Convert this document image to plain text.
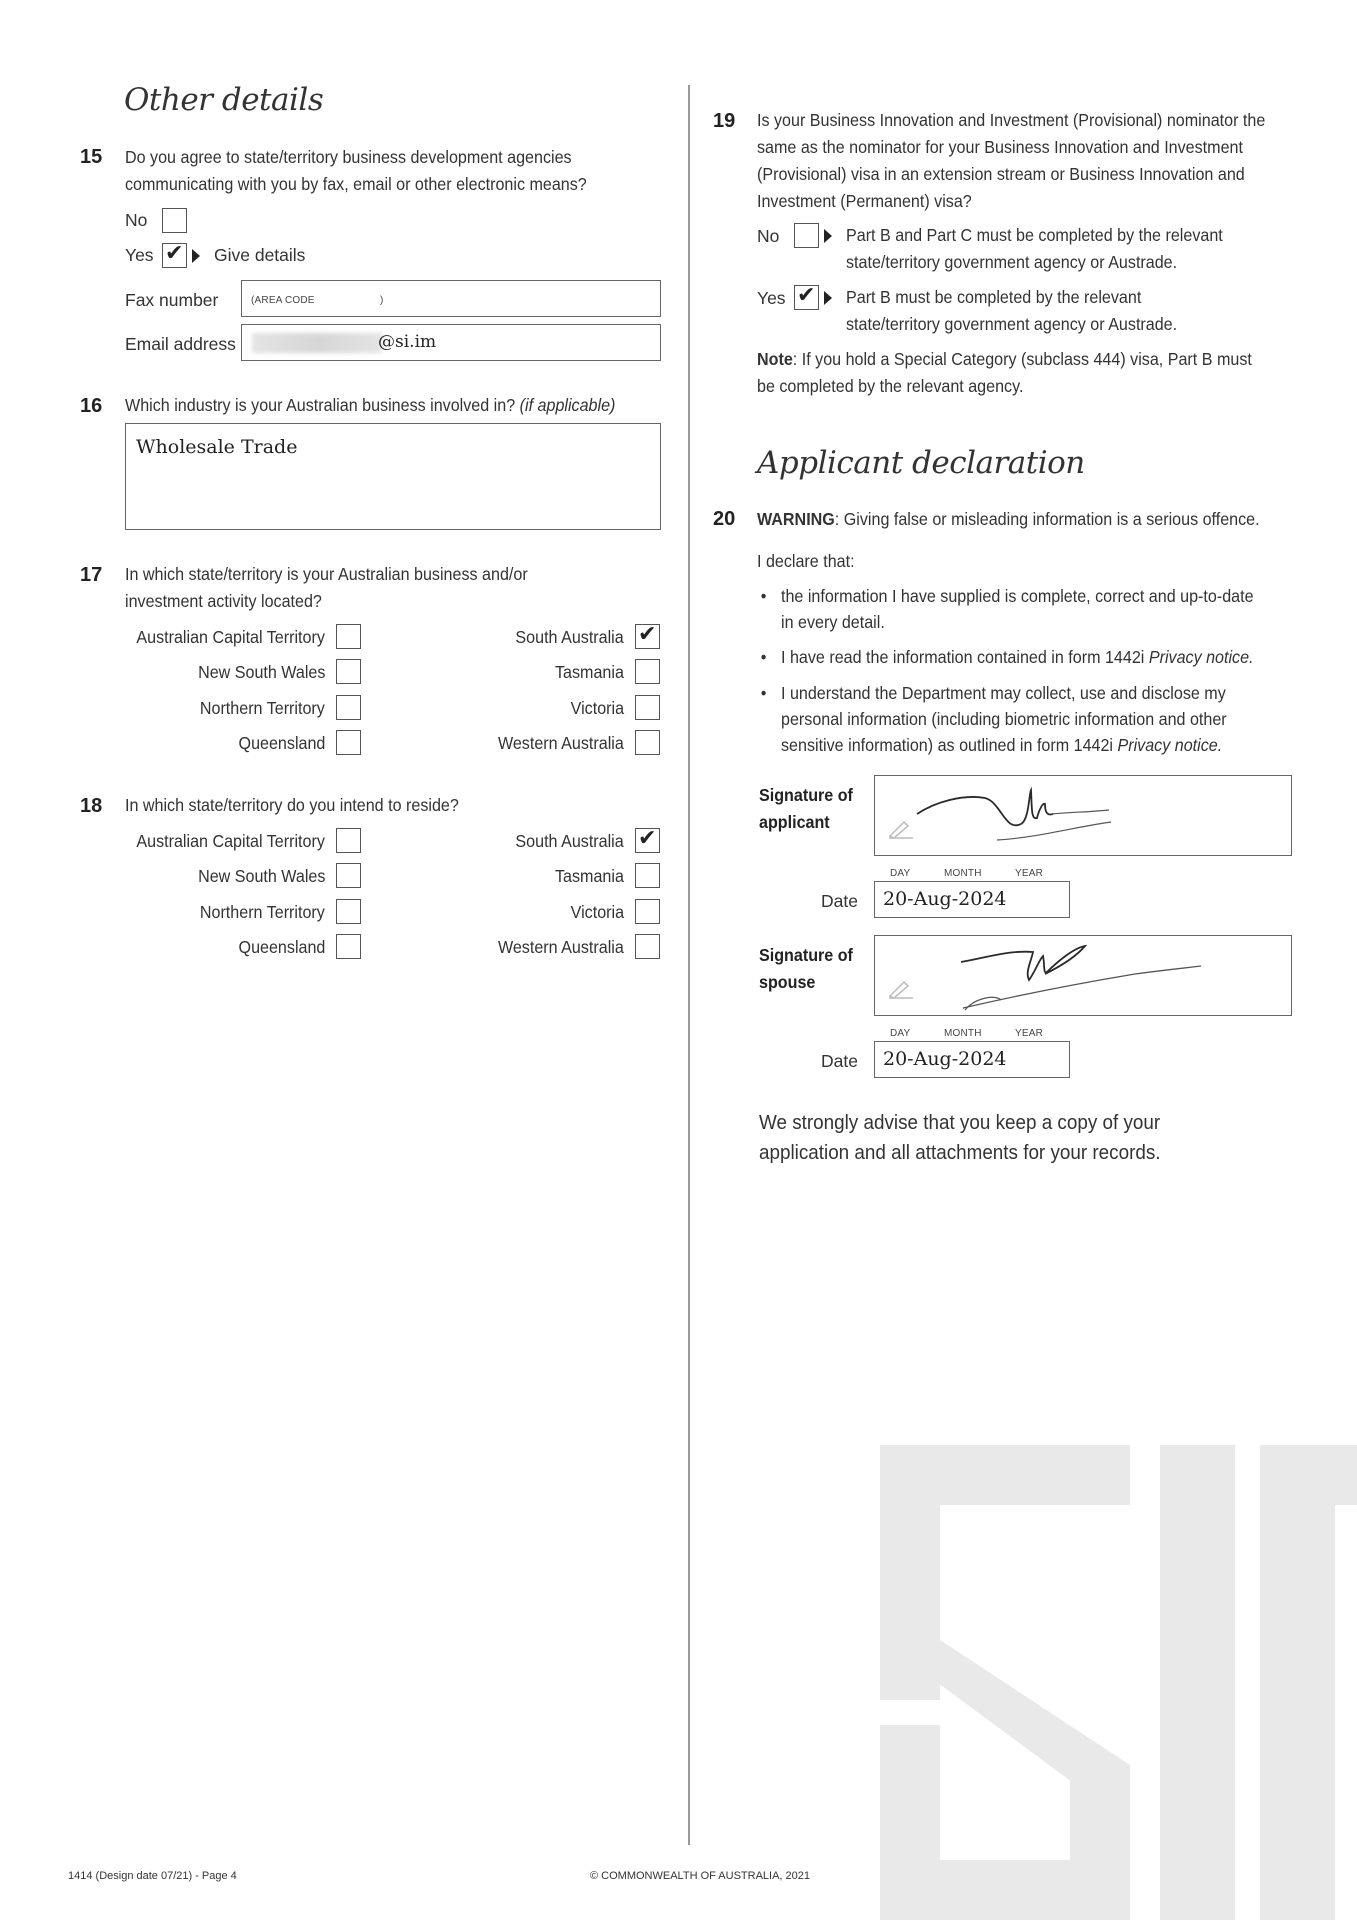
Other details
15 Do you agree to state/territory business development agencies communicating with you by fax, email or other electronic means?
No
Yes ✔ Give details
Fax number	(AREA CODE	)
Email address	@si.im
16 Which industry is your Australian business involved in? (if applicable)
Wholesale Trade
17 In which state/territory is your Australian business and/or investment activity located?
Australian Capital Territory
New South Wales
Northern Territory
Queensland
South Australia ✔
Tasmania
Victoria
Western Australia
18 In which state/territory do you intend to reside?
Australian Capital Territory
New South Wales
Northern Territory
Queensland
South Australia ✔
Tasmania
Victoria
Western Australia
19 Is your Business Innovation and Investment (Provisional) nominator the same as the nominator for your Business Innovation and Investment (Provisional) visa in an extension stream or Business Innovation and Investment (Permanent) visa?
No	Part B and Part C must be completed by the relevant state/territory government agency or Austrade.
Yes ✔ Part B must be completed by the relevant state/territory government agency or Austrade.
Note: If you hold a Special Category (subclass 444) visa, Part B must be completed by the relevant agency.
Applicant declaration
20 WARNING: Giving false or misleading information is a serious offence.
I declare that:
• the information I have supplied is complete, correct and up-to-date in every detail.
• I have read the information contained in form 1442i Privacy notice.
• I understand the Department may collect, use and disclose my personal information (including biometric information and other sensitive information) as outlined in form 1442i Privacy notice.
Signature of
applicant
DAY	MONTH	YEAR
Date 20-Aug-2024
Signature of
spouse
DAY	MONTH	YEAR
Date 20-Aug-2024
We strongly advise that you keep a copy of your application and all attachments for your records.
1414 (Design date 07/21) - Page 4	© COMMONWEALTH OF AUSTRALIA, 2021
